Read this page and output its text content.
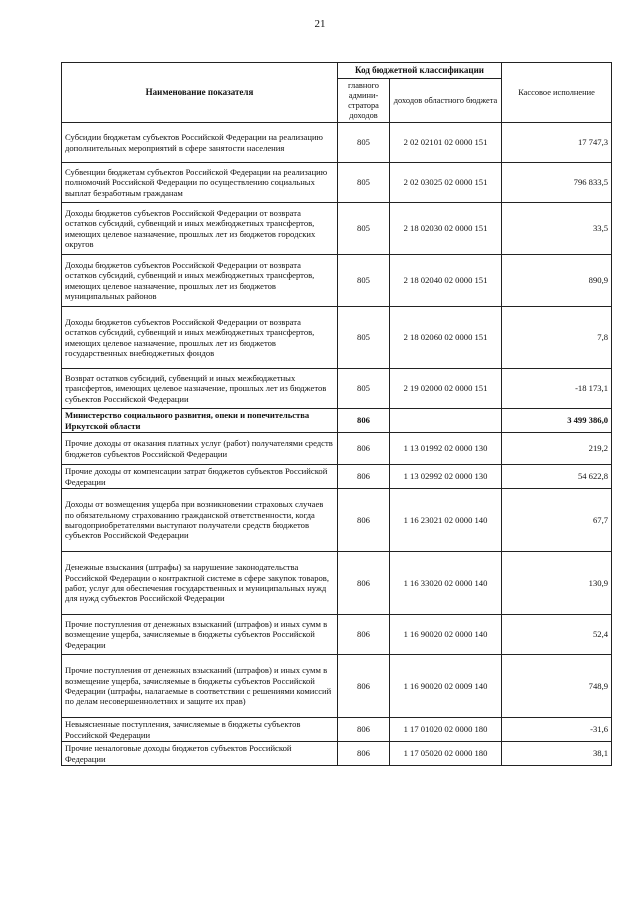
21
Наименование показателя	Код бюджетной классификации		Кассовое исполнение
	главного админи-стратора доходов	доходов областного бюджета	
Субсидии бюджетам субъектов Российской Федерации на реализацию дополнительных мероприятий в сфере занятости населения	805	2 02 02101 02 0000 151	17 747,3
Субвенции бюджетам субъектов Российской Федерации на реализацию полномочий Российской Федерации по осуществлению социальных выплат безработным гражданам	805	2 02 03025 02 0000 151	796 833,5
Доходы бюджетов субъектов Российской Федерации от возврата остатков субсидий, субвенций и иных межбюджетных трансфертов, имеющих целевое назначение, прошлых лет из бюджетов городских округов	805	2 18 02030 02 0000 151	33,5
Доходы бюджетов субъектов Российской Федерации от возврата остатков субсидий, субвенций и иных межбюджетных трансфертов, имеющих целевое назначение, прошлых лет из бюджетов муниципальных районов	805	2 18 02040 02 0000 151	890,9
Доходы бюджетов субъектов Российской Федерации от возврата остатков субсидий, субвенций и иных межбюджетных трансфертов, имеющих целевое назначение, прошлых лет из бюджетов государственных внебюджетных фондов	805	2 18 02060 02 0000 151	7,8
Возврат остатков субсидий, субвенций и иных межбюджетных трансфертов, имеющих целевое назначение, прошлых лет из бюджетов субъектов Российской Федерации	805	2 19 02000 02 0000 151	-18 173,1
Министерство социального развития, опеки и попечительства Иркутской области	806		3 499 386,0
Прочие доходы от оказания платных услуг (работ) получателями средств бюджетов субъектов Российской Федерации	806	1 13 01992 02 0000 130	219,2
Прочие доходы от компенсации затрат бюджетов субъектов Российской Федерации	806	1 13 02992 02 0000 130	54 622,8
Доходы от возмещения ущерба при возникновении страховых случаев по обязательному страхованию гражданской ответственности, когда выгодоприобретателями выступают получатели средств бюджетов субъектов Российской Федерации	806	1 16 23021 02 0000 140	67,7
Денежные взыскания (штрафы) за нарушение законодательства Российской Федерации о контрактной системе в сфере закупок товаров, работ, услуг для обеспечения государственных и муниципальных нужд для нужд субъектов Российской Федерации	806	1 16 33020 02 0000 140	130,9
Прочие поступления от денежных взысканий (штрафов) и иных сумм в возмещение ущерба, зачисляемые в бюджеты субъектов Российской Федерации	806	1 16 90020 02 0000 140	52,4
Прочие поступления от денежных взысканий (штрафов) и иных сумм в возмещение ущерба, зачисляемые в бюджеты субъектов Российской Федерации (штрафы, налагаемые в соответствии с решениями комиссий по делам несовершеннолетних и защите их прав)	806	1 16 90020 02 0009 140	748,9
Невыясненные поступления, зачисляемые в бюджеты субъектов Российской Федерации	806	1 17 01020 02 0000 180	-31,6
Прочие неналоговые доходы бюджетов субъектов Российской Федерации	806	1 17 05020 02 0000 180	38,1
